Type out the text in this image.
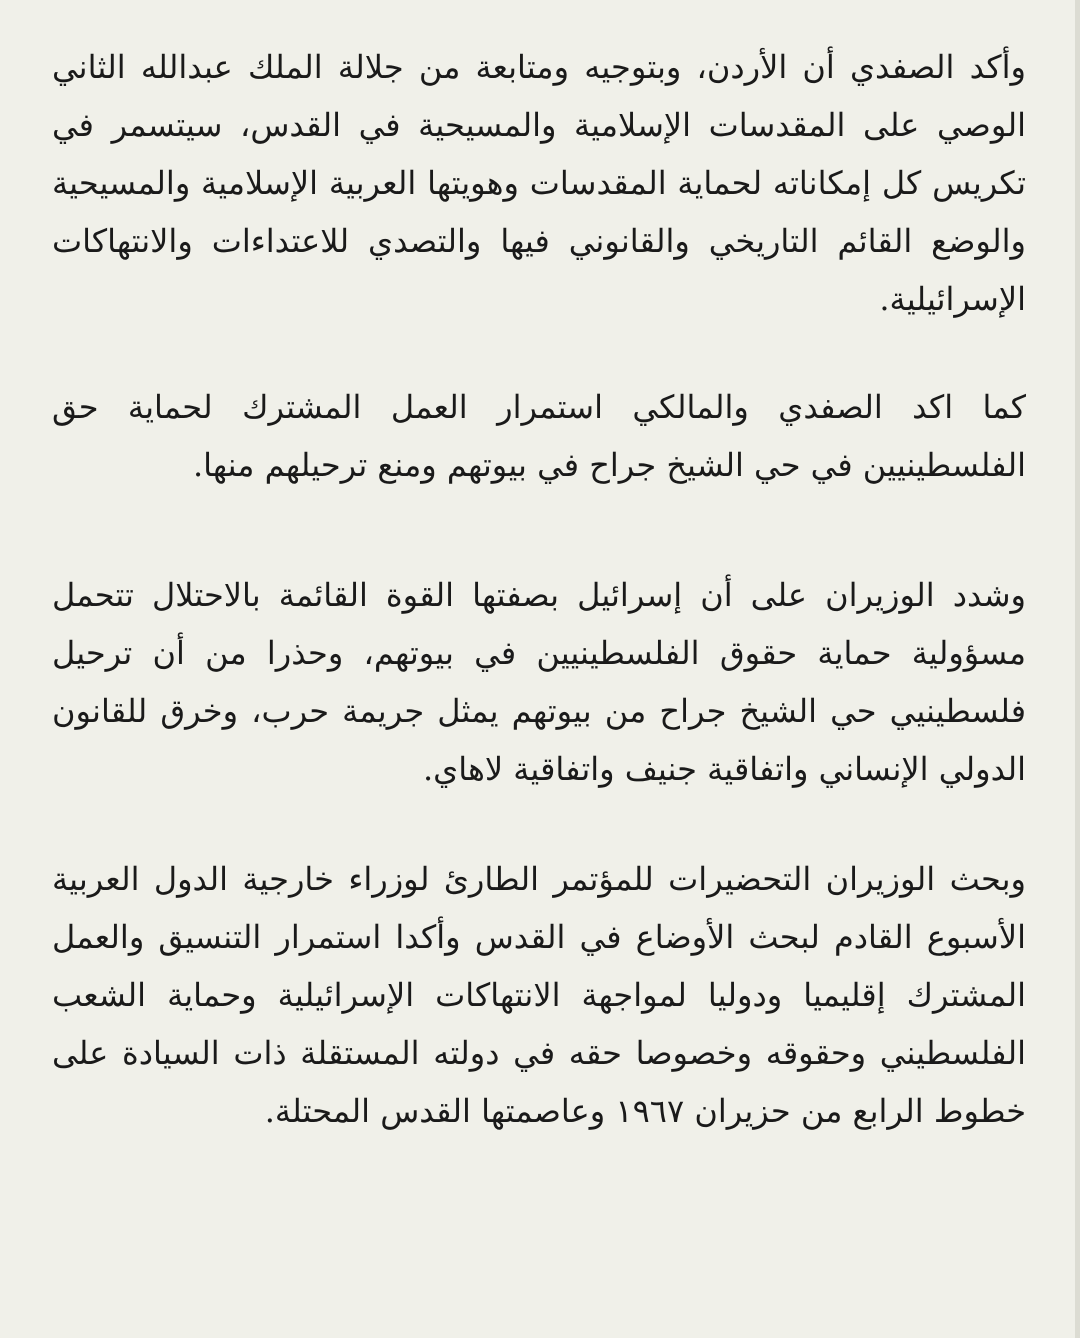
وأكد الصفدي أن الأردن، وبتوجيه ومتابعة من جلالة الملك عبدالله الثاني الوصي على المقدسات الإسلامية والمسيحية في القدس، سيتسمر في تكريس كل إمكاناته لحماية المقدسات وهويتها العربية الإسلامية والمسيحية والوضع القائم التاريخي والقانوني فيها والتصدي للاعتداءات والانتهاكات الإسرائيلية.

كما اكد الصفدي والمالكي استمرار العمل المشترك لحماية حق الفلسطينيين في حي الشيخ جراح في بيوتهم ومنع ترحيلهم منها.

وشدد الوزيران على أن إسرائيل بصفتها القوة القائمة بالاحتلال تتحمل مسؤولية حماية حقوق الفلسطينيين في بيوتهم، وحذرا من أن ترحيل فلسطينيي حي الشيخ جراح من بيوتهم يمثل جريمة حرب، وخرق للقانون الدولي الإنساني واتفاقية جنيف واتفاقية لاهاي.

وبحث الوزيران التحضيرات للمؤتمر الطارئ لوزراء خارجية الدول العربية الأسبوع القادم لبحث الأوضاع في القدس وأكدا استمرار التنسيق والعمل المشترك إقليميا ودوليا لمواجهة الانتهاكات الإسرائيلية وحماية الشعب الفلسطيني وحقوقه وخصوصا حقه في دولته المستقلة ذات السيادة على خطوط الرابع من حزيران ١٩٦٧ وعاصمتها القدس المحتلة.
